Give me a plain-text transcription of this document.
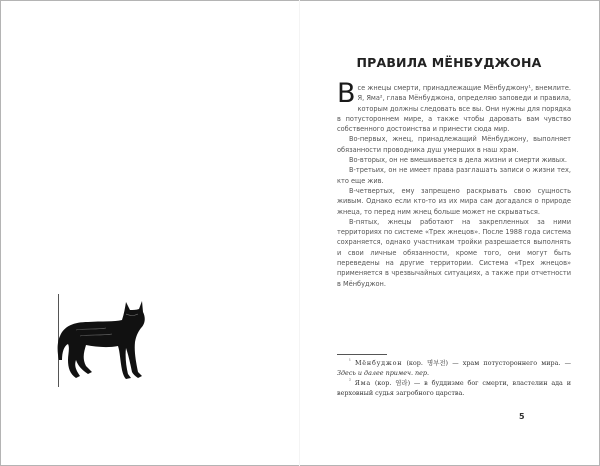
ПРАВИЛА МЁНБУДЖОНА

Все жнецы смерти, принадлежащие Мёнбуджону¹, внемлите. Я, Яма², глава Мёнбуджона, определяю заповеди и правила, которым должны следовать все вы. Они нужны для порядка в потустороннем мире, а также чтобы даровать вам чувство собственного достоинства и принести сюда мир.

Во-первых, жнец, принадлежащий Мёнбуджону, выполняет обязанности проводника душ умерших в наш храм.

Во-вторых, он не вмешивается в дела жизни и смерти живых.

В-третьих, он не имеет права разглашать записи о жизни тех, кто еще жив.

В-четвертых, ему запрещено раскрывать свою сущность живым. Однако если кто-то из их мира сам догадался о природе жнеца, то перед ним жнец больше может не скрываться.

В-пятых, жнецы работают на закрепленных за ними территориях по системе «Трех жнецов». После 1988 года система сохраняется, однако участникам тройки разрешается выполнять и свои личные обязанности, кроме того, они могут быть переведены на другие территории. Система «Трех жнецов» применяется в чрезвычайных ситуациях, а также при отчетности в Мёнбуджон.

$^{^1}$ Мёнбуджон (кор. 명부전) — храм потустороннего мира. — Здесь и далее примеч. пер.

$^{^2}$ Яма (кор. 염라) — в буддизме бог смерти, властелин ада и верховный судья загробного царства.

5
